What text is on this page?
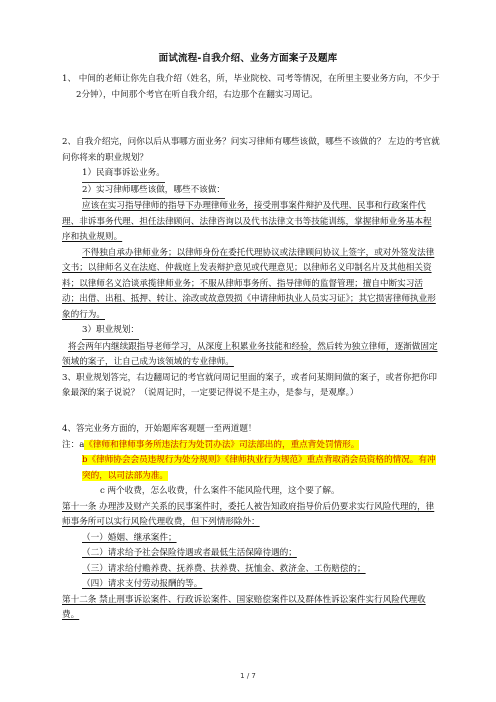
面试流程-自我介绍、业务方面案子及题库

1、 中间的老师让你先自我介绍（姓名，所，毕业院校、司考等情况，在所里主要业务方向，不少于2分钟），中间那个考官在听自我介绍，右边那个在翻实习周记。

2、自我介绍完，问你以后从事哪方面业务？问实习律师有哪些该做，哪些不该做的？ 左边的考官就问你将来的职业规划？

1）民商事诉讼业务。

2）实习律师哪些该做，哪些不该做：

应该在实习指导律师的指导下办理律师业务，接受刑事案件辩护及代理、民事和行政案件代理、非诉事务代理、担任法律顾问、法律咨询以及代书法律文书等技能训练，掌握律师业务基本程序和执业规则。

不得独自承办律师业务；以律师身份在委托代理协议或法律顾问协议上签字，或对外签发法律文书；以律师名义在法庭、仲裁庭上发表辩护意见或代理意见；以律师名义印制名片及其他相关资料；以律师名义洽谈承揽律师业务；不服从律师事务所、指导律师的监督管理；擅自中断实习活动；出借、出租、抵押、转让、涂改或故意毁损《申请律师执业人员实习证》；其它损害律师执业形象的行为。

3）职业规划：

将会两年内继续跟指导老师学习，从深度上积累业务技能和经验，然后转为独立律师，逐渐做固定领域的案子，让自己成为该领域的专业律师。

3、职业规划答完，右边翻周记的考官就问周记里面的案子，或者问某期间做的案子，或者你把你印象最深的案子说说？（说周记时，一定要记得说不是主办，是参与，是观摩。）

4、答完业务方面的，开始题库客观题一至两道题！

注：a《律师和律师事务所违法行为处罚办法》司法部出的，重点背处罚情形。

b《律师协会会员违规行为处分规则》《律师执业行为规范》重点背取消会员资格的情况。有冲突的，以司法部为准。

c 两个收费，怎么收费，什么案件不能风险代理，这个要了解。

第十一条 办理涉及财产关系的民事案件时，委托人被告知政府指导价后仍要求实行风险代理的，律师事务所可以实行风险代理收费，但下列情形除外：

（一）婚姻、继承案件；

（二）请求给予社会保险待遇或者最低生活保障待遇的；

（三）请求给付赡养费、抚养费、扶养费、抚恤金、救济金、工伤赔偿的；

（四）请求支付劳动报酬的等。

第十二条 禁止刑事诉讼案件、行政诉讼案件、国家赔偿案件以及群体性诉讼案件实行风险代理收费。

1 / 7
